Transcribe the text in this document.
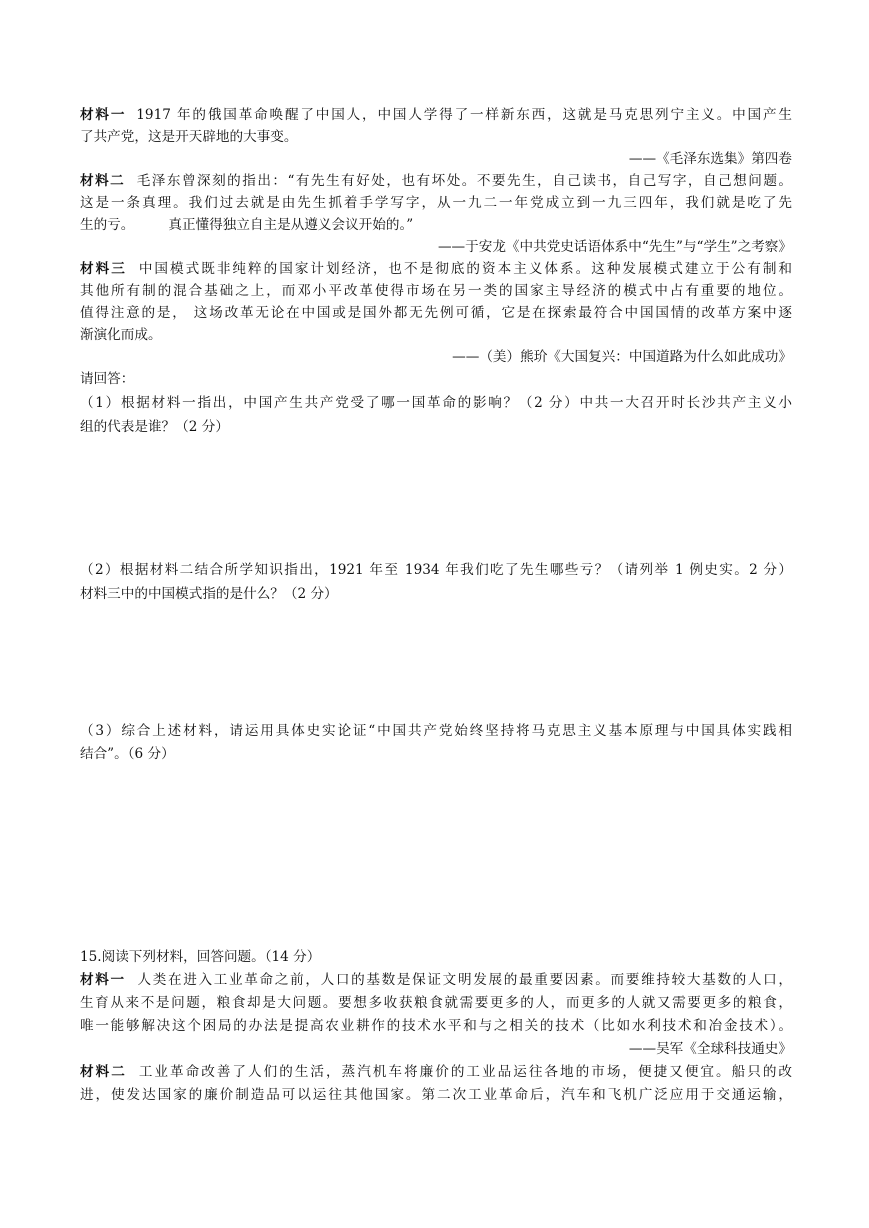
材料一 1917 年的俄国革命唤醒了中国人，中国人学得了一样新东西，这就是马克思列宁主义。中国产生
了共产党，这是开天辟地的大事变。
——《毛泽东选集》第四卷
材料二 毛泽东曾深刻的指出：“有先生有好处，也有坏处。不要先生，自己读书，自己写字，自己想问题。
这是一条真理。我们过去就是由先生抓着手学写字，从一九二一年党成立到一九三四年，我们就是吃了先
生的亏。	真正懂得独立自主是从遵义会议开始的。”
——于安龙《中共党史话语体系中“先生”与“学生”之考察》
材料三 中国模式既非纯粹的国家计划经济，也不是彻底的资本主义体系。这种发展模式建立于公有制和
其他所有制的混合基础之上，而邓小平改革使得市场在另一类的国家主导经济的模式中占有重要的地位。
值得注意的是， 这场改革无论在中国或是国外都无先例可循，它是在探索最符合中国国情的改革方案中逐
渐演化而成。
——（美）熊玠《大国复兴：中国道路为什么如此成功》
请回答：
（1）根据材料一指出，中国产生共产党受了哪一国革命的影响？（2 分）中共一大召开时长沙共产主义小
组的代表是谁？（2 分）
（2）根据材料二结合所学知识指出，1921 年至 1934 年我们吃了先生哪些亏？（请列举 1 例史实。2 分）
材料三中的中国模式指的是什么？（2 分）
（3）综合上述材料，请运用具体史实论证“中国共产党始终坚持将马克思主义基本原理与中国具体实践相
结合”。（6 分）
15.阅读下列材料，回答问题。（14 分）
材料一 人类在进入工业革命之前，人口的基数是保证文明发展的最重要因素。而要维持较大基数的人口，
生育从来不是问题，粮食却是大问题。要想多收获粮食就需要更多的人，而更多的人就又需要更多的粮食，
唯一能够解决这个困局的办法是提高农业耕作的技术水平和与之相关的技术（比如水利技术和冶金技术）。
——吴军《全球科技通史》
材料二 工业革命改善了人们的生活，蒸汽机车将廉价的工业品运往各地的市场，便捷又便宜。船只的改
进，使发达国家的廉价制造品可以运往其他国家。第二次工业革命后，汽车和飞机广泛应用于交通运输，
